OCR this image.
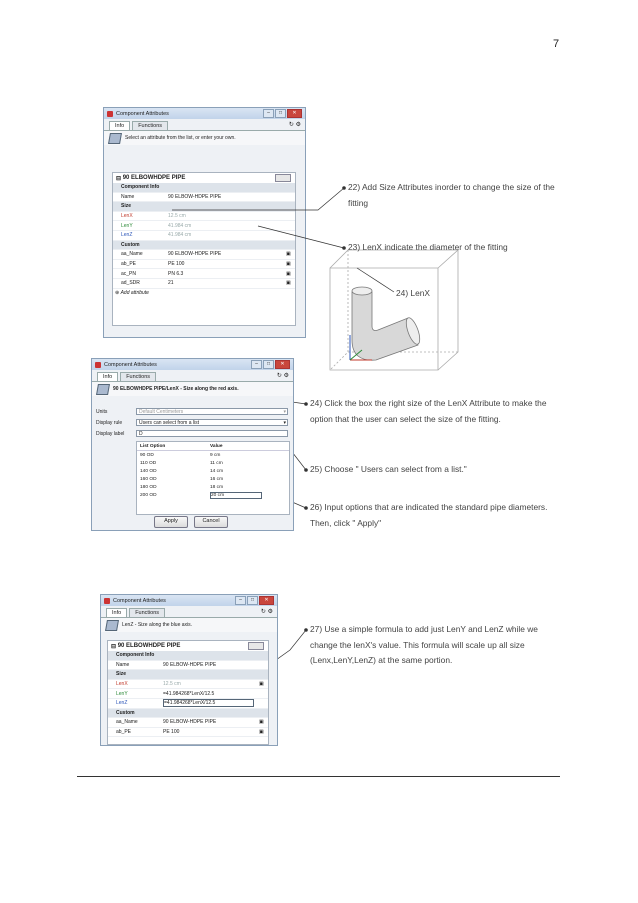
7
Component Attributes	–	□	✕
Info	Functions	↻ ⚙
Select an attribute from the list, or enter your own.
⊟ 90 ELBOWHDPE PIPE
Component Info
Name	90 ELBOW-HDPE PIPE
Size
LenX	12.5 cm
LenY	41.984 cm
LenZ	41.984 cm
Custom
aa_Name	90 ELBOW-HDPE PIPE	▣
ab_PE	PE 100	▣
ac_PN	PN 6.3	▣
ad_SDR	21	▣
⊕
Add attribute
22) Add Size Attributes inorder to change the size of the fitting
23) LenX indicate the diameter of the fitting
24) LenX
Component Attributes	–	□	✕
Info	Functions	↻ ⚙
90 ELBOWHDPE PIPE/LenX - Size along the red axis.
Units	Default Centimeters	▾
Display rule	Users can select from a list	▾
Display label	D
List Option	Value
90 OD	9 cm
110 OD	11 cm
140 OD	14 cm
160 OD	16 cm
180 OD	18 cm
200 OD	20 cm
Apply	Cancel
24) Click the box the right size of the LenX Attribute to make the option that the user can select the size of the fitting.
25) Choose " Users can select from a list."
26) Input options that are indicated the standard pipe diameters. Then, click " Apply"
Component Attributes	–	□	✕
Info	Functions	↻ ⚙
LenZ - Size along the blue axis.
⊟ 90 ELBOWHDPE PIPE
Component Info
Name	90 ELBOW-HDPE PIPE
Size
LenX	12.5 cm	▣
LenY	=41.984268*LenX/12.5
LenZ	=41.984268*LenX/12.5
Custom
aa_Name	90 ELBOW-HDPE PIPE	▣
ab_PE	PE 100	▣
27) Use a simple formula to add just LenY and LenZ while we change the lenX's value. This formula will scale up all size (Lenx,LenY,LenZ) at the same portion.
